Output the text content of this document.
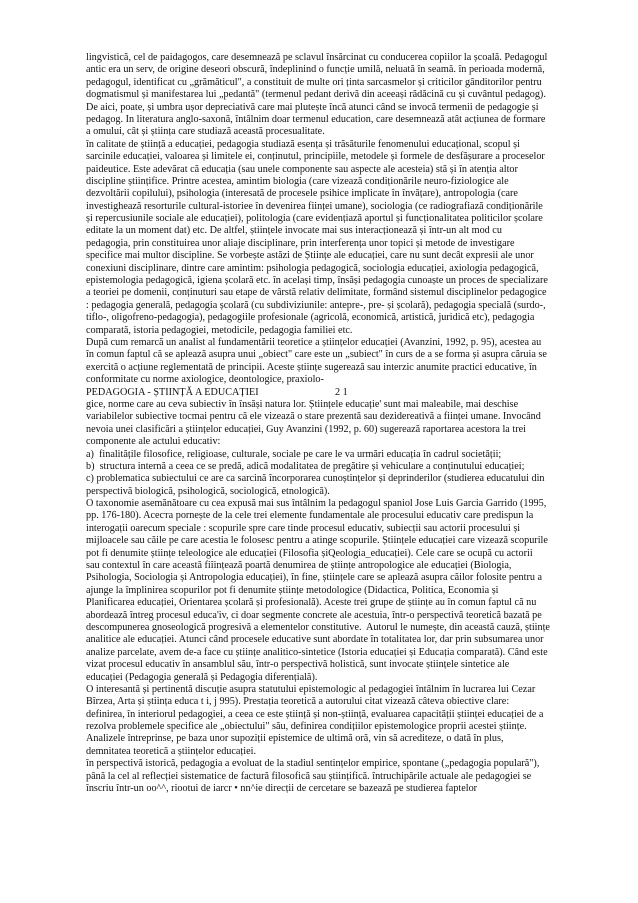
lingvistică, cel de paidagogos, care desemnează pe sclavul însărcinat cu conducerea copiilor la școală. Pedagogul
antic era un serv, de origine deseori obscură, îndeplinind o funcție umilă, neluată în seamă. în perioada modernă,
pedagogul, identificat cu „grămăticul", a constituit de multe ori ținta sarcasmelor și criticilor gânditorilor pentru
dogmatismul și manifestarea lui „pedantă" (termenul pedant derivă din aceeași rădăcină cu și cuvântul pedagog).
De aici, poate, și umbra ușor depreciativă care mai plutește încă atunci când se invocă termenii de pedagogie și
pedagog. In literatura anglo-saxonă, întâlnim doar termenul education, care desemnează atât acțiunea de formare
a omului, cât și știința care studiază această procesualitate.
în calitate de știință a educației, pedagogia studiază esența și trăsăturile fenomenului educațional, scopul și
sarcinile educației, valoarea și limitele ei, conținutul, principiile, metodele și formele de desfășurare a proceselor
paideutice. Este adevărat că educația (sau unele componente sau aspecte ale acesteia) stă și în atenția altor
discipline științifice. Printre acestea, amintim biologia (care vizează condiționările neuro-fiziologice ale
dezvoltării copilului), psihologia (interesată de procesele psihice implicate în învățare), antropologia (care
investighează resorturile cultural-istoriee în devenirea ființei umane), sociologia (ce radiografiază condiționările
și repercusiunile sociale ale educației), politologia (care evidențiază aportul și funcționalitatea politicilor școlare
editate la un moment dat) etc. De altfel, științele invocate mai sus interacționează și într-un alt mod cu
pedagogia, prin constituirea unor aliaje disciplinare, prin interferența unor topici și metode de investigare
specifice mai multor discipline. Se vorbește astăzi de Științe ale educației, care nu sunt decât expresii ale unor
conexiuni disciplinare, dintre care amintim: psihologia pedagogică, sociologia educației, axiologia pedagogică,
epistemologia pedagogică, igiena școlară etc. în același timp, însăși pedagogia cunoaște un proces de specializare
a teoriei pe domenii, conținuturi sau etape de vârstă relativ delimitate, formând sistemul disciplinelor pedagogice
: pedagogia generală, pedagogia școlară (cu subdiviziunile: antepre-, pre- și școlară), pedagogia specială (surdo-,
tiflo-, oligofreno-pedagogia), pedagogiile profesionale (agricolă, economică, artistică, juridică etc), pedagogia
comparată, istoria pedagogiei, metodicile, pedagogia familiei etc.
După cum remarcă un analist al fundamentării teoretice a științelor educației (Avanzini, 1992, p. 95), acestea au
în comun faptul că se aplează asupra unui „obiect" care este un „subiect" în curs de a se forma și asupra căruia se
exercită o acțiune reglementată de principii. Aceste științe sugerează sau interzic anumite practici educative, în
conformitate cu norme axiologice, deontologice, praxiolo-
PEDAGOGIA - ȘTIINȚĂ A EDUCAȚIEI                              2 1
gice, norme care au ceva subiectiv în însăși natura lor. Științele educație' sunt mai maleabile, mai deschise
variabilelor subiective tocmai pentru că ele vizează o stare prezentă sau dezidereativă a ființei umane. Invocând
nevoia unei clasificări a științelor educației, Guy Avanzini (1992, p. 60) sugerează raportarea acestora la trei
componente ale actului educativ:
a)  finalitățile filosofice, religioase, culturale, sociale pe care le va urmări educația în cadrul societății;
b)  structura internă a ceea ce se predă, adică modalitatea de pregătire și vehiculare a conținutului educației;
c) problematica subiectului ce are ca sarcină încorporarea cunoștințelor și deprinderilor (studierea educatului din
perspectivă biologică, psihologică, sociologică, etnologică).
O taxonomie asemănătoare cu cea expusă mai sus întâlnim la pedagogul spaniol Jose Luis Garcia Garrido (1995,
pp. 176-180). Aceста pornește de la cele trei elemente fundamentale ale procesului educativ care predispun la
interogații oarecum speciale : scopurile spre care tinde procesul educativ, subiecții sau actorii procesului și
mijloacele sau căile pe care acestia le folosesc pentru a atinge scopurile. Științele educației care vizează scopurile
pot fi denumite științe teleologice ale educației (Filosofia șiQeologia_educației). Cele care se ocupă cu actorii
sau contextul în care această fiîințează poartă denumirea de științe antropologice ale educației (Biologia,
Psihologia, Sociologia și Antropologia educației), în fine, științele care se aplează asupra căilor folosite pentru a
ajunge la împlinirea scopurilor pot fi denumite științe metodologice (Didactica, Politica, Economia și
Planificarea educației, Orientarea școlară și profesională). Aceste trei grupe de științe au în comun faptul că nu
abordează întreg procesul educa'iv, ci doar segmente concrete ale acestuia, într-o perspectivă teoretică bazată pe
descompunerea gnoseologică progresivă a elementelor constitutive.  Autorul le numește, din această cauză, științe
analitice ale educației. Atunci când procesele educative sunt abordate în totalitatea lor, dar prin subsumarea unor
analize parcelate, avem de-a face cu științe analitico-sintetice (Istoria educației și Educația comparată). Când este
vizat procesul educativ în ansamblul său, într-o perspectivă holistică, sunt invocate științele sintetice ale
educației (Pedagogia generală și Pedagogia diferențială).
O interesantă și pertinentă discuție asupra statutului epistemologic al pedagogiei întâlnim în lucrarea lui Cezar
Bîrzea, Arta și știința educa t i, j 995). Prestația teoretică a autorului citat vizează câteva obiective clare:
definirea, în interiorul pedagogiei, a ceea ce este știință și non-știință, evaluarea capacității științei educației de a
rezolva problemele specifice ale „obiectului" său, definirea condițiilor epistemologice proprii acestei științe.
Analizele întreprinse, pe baza unor supoziții epistemice de ultimă oră, vin să acrediteze, o dată în plus,
demnitatea teoretică a științelor educației.
în perspectivă istorică, pedagogia a evoluat de la stadiul sentințelor empirice, spontane („pedagogia populară"),
până la cel al reflecției sistematice de factură filosofică sau științifică. întruchipările actuale ale pedagogiei se
înscriu într-un oo^^, riootui de iarcr • nn^ie direcții de cercetare se bazează pe studierea faptelor
